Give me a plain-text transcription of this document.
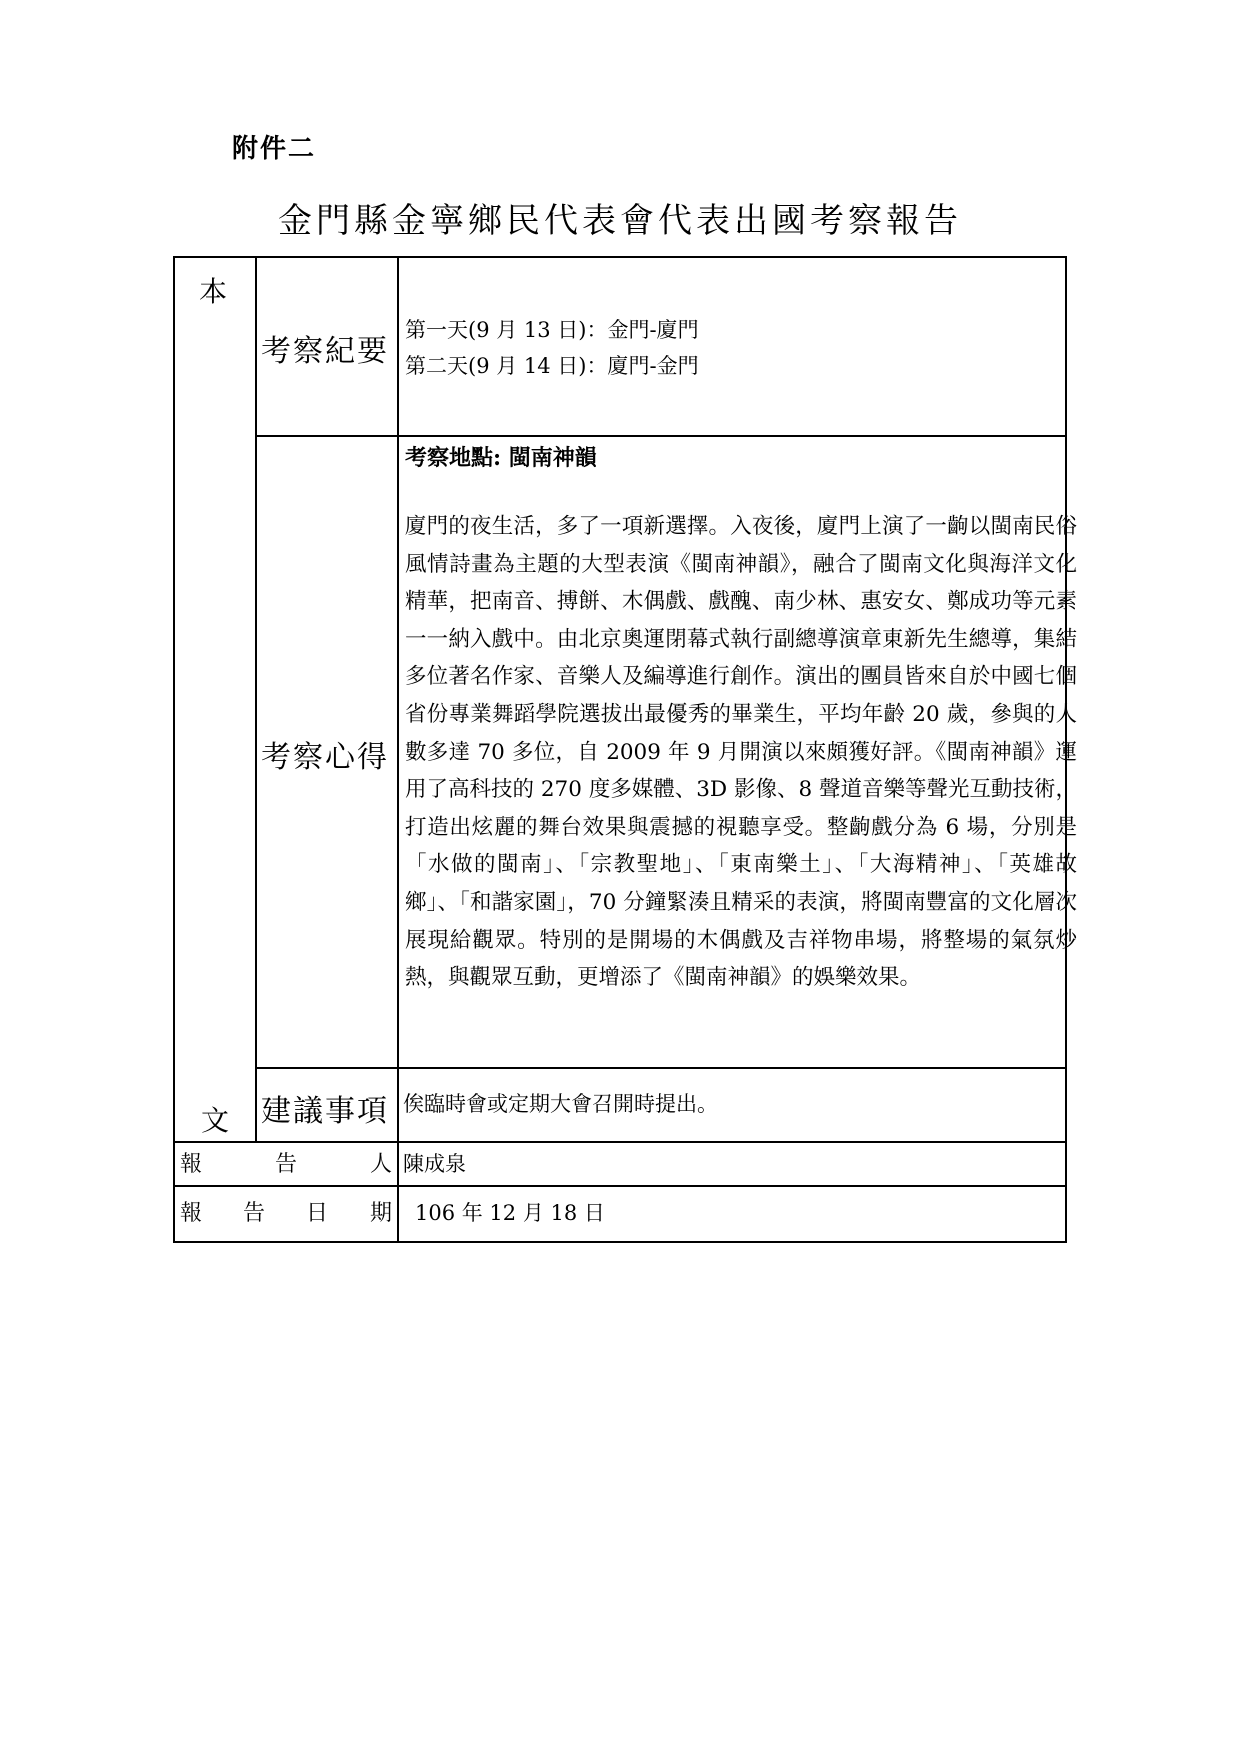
附件二
金門縣金寧鄉民代表會代表出國考察報告
本
文
考察紀要
第一天(9 月 13 日)：金門-廈門
第二天(9 月 14 日)：廈門-金門
考察心得
考察地點: 閩南神韻
廈門的夜生活，多了一項新選擇。入夜後，廈門上演了一齣以閩南民俗風情詩畫為主題的大型表演《閩南神韻》，融合了閩南文化與海洋文化精華，把南音、搏餅、木偶戲、戲醜、南少林、惠安女、鄭成功等元素一一納入戲中。由北京奧運閉幕式執行副總導演章東新先生總導，集結多位著名作家、音樂人及編導進行創作。演出的團員皆來自於中國七個省份專業舞蹈學院選拔出最優秀的畢業生，平均年齡 20 歲，參與的人數多達 70 多位，自 2009 年 9 月開演以來頗獲好評。《閩南神韻》運用了高科技的 270 度多媒體、3D 影像、8 聲道音樂等聲光互動技術，打造出炫麗的舞台效果與震撼的視聽享受。整齣戲分為 6 場，分別是「水做的閩南」、「宗教聖地」、「東南樂土」、「大海精神」、「英雄故鄉」、「和諧家園」，70 分鐘緊湊且精采的表演，將閩南豐富的文化層次展現給觀眾。特別的是開場的木偶戲及吉祥物串場，將整場的氣氛炒熱，與觀眾互動，更增添了《閩南神韻》的娛樂效果。
建議事項 俟臨時會或定期大會召開時提出。
報	告	人 陳成泉
報 告 日 期 106 年 12 月 18 日
